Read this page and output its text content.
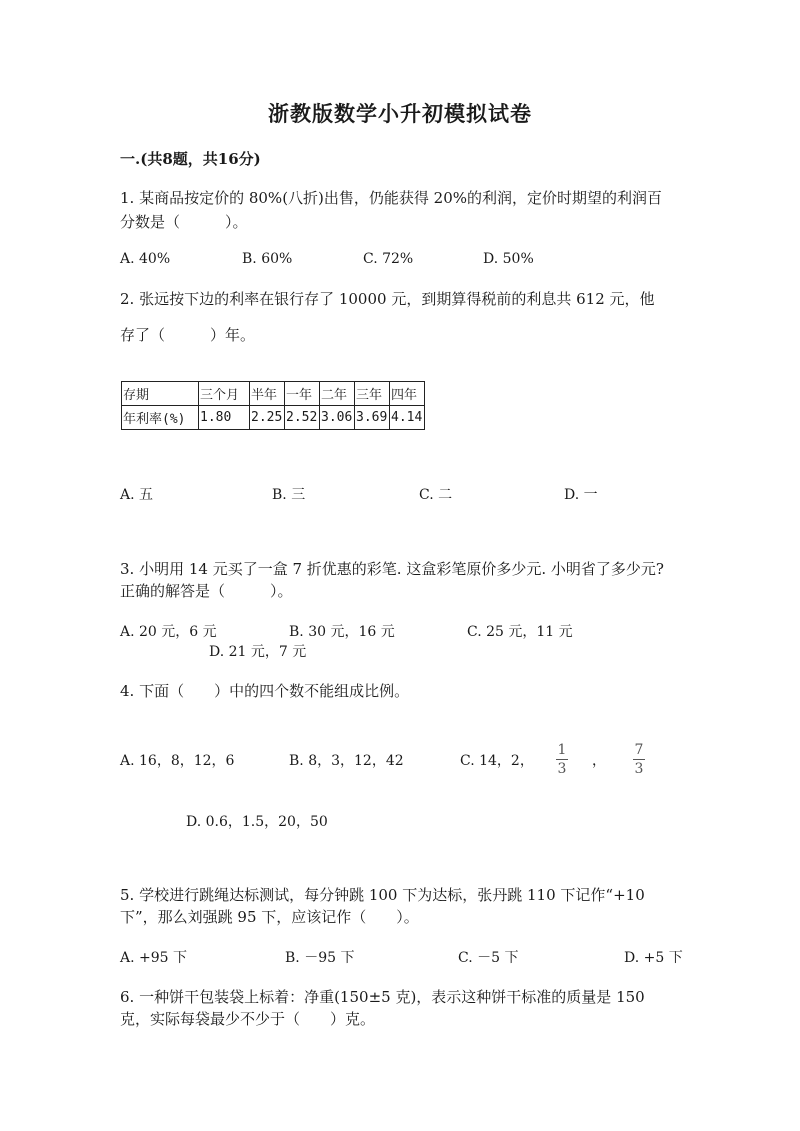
浙教版数学小升初模拟试卷
一.(共8题，共16分)
1. 某商品按定价的 80%(八折)出售，仍能获得 20%的利润，定价时期望的利润百
分数是（　　　）。
A. 40%	B. 60%	C. 72%	D. 50%
2. 张远按下边的利率在银行存了 10000 元，到期算得税前的利息共 612 元，他
存了（　　　）年。
存期	三个月	半年	一年	二年	三年	四年
年利率(%)	1.80	2.25	2.52	3.06	3.69	4.14
A. 五	B. 三	C. 二	D. 一
3. 小明用 14 元买了一盒 7 折优惠的彩笔. 这盒彩笔原价多少元. 小明省了多少元?
正确的解答是（　　　）。
A. 20 元，6 元	B. 30 元，16 元	C. 25 元，11 元
D. 21 元，7 元
4. 下面（　　）中的四个数不能组成比例。
A. 16，8，12，6	B. 8，3，12，42	C. 14，2，
1
3 ，
7
3
D. 0.6，1.5，20，50
5. 学校进行跳绳达标测试，每分钟跳 100 下为达标，张丹跳 110 下记作“+10
下”，那么刘强跳 95 下，应该记作（　　）。
A. +95 下	B. －95 下	C. －5 下	D. +5 下
6. 一种饼干包装袋上标着：净重(150±5 克)，表示这种饼干标准的质量是 150
克，实际每袋最少不少于（　　）克。
